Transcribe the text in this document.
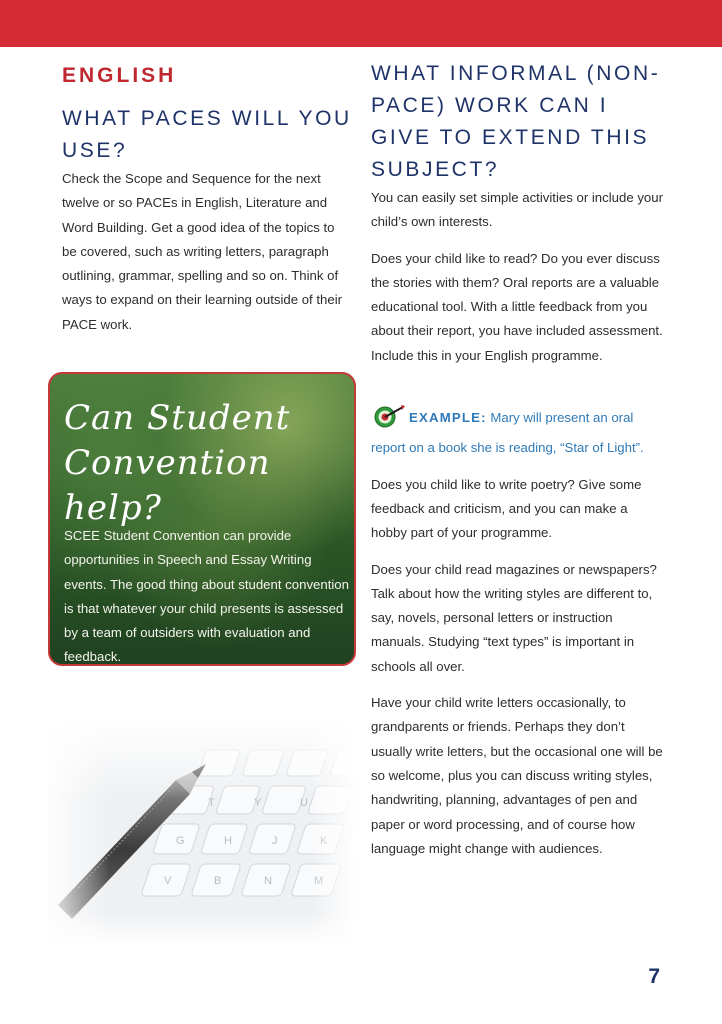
ENGLISH
WHAT PACES WILL YOU USE?

Check the Scope and Sequence for the next twelve or so PACEs in English, Literature and Word Building. Get a good idea of the topics to be covered, such as writing letters, paragraph outlining, grammar, spelling and so on. Think of ways to expand on their learning outside of their PACE work.

Can Student
Convention help?

SCEE Student Convention can provide opportunities in Speech and Essay Writing events. The good thing about student convention is that whatever your child presents is assessed by a team of outsiders with evaluation and feedback.

WHAT INFORMAL (NON-PACE) WORK CAN I GIVE TO EXTEND THIS SUBJECT?

You can easily set simple activities or include your child’s own interests.

Does your child like to read? Do you ever discuss the stories with them? Oral reports are a valuable educational tool. With a little feedback from you about their report, you have included assessment. Include this in your English programme.

EXAMPLE: Mary will present an oral report on a book she is reading, “Star of Light”.

Does you child like to write poetry? Give some feedback and criticism, and you can make a hobby part of your programme.

Does your child read magazines or newspapers? Talk about how the writing styles are different to, say, novels, personal letters or instruction manuals. Studying “text types” is important in schools all over.

Have your child write letters occasionally, to grandparents or friends. Perhaps they don’t usually write letters, but the occasional one will be so welcome, plus you can discuss writing styles, handwriting, planning, advantages of pen and paper or word processing, and of course how language might change with audiences.

7
